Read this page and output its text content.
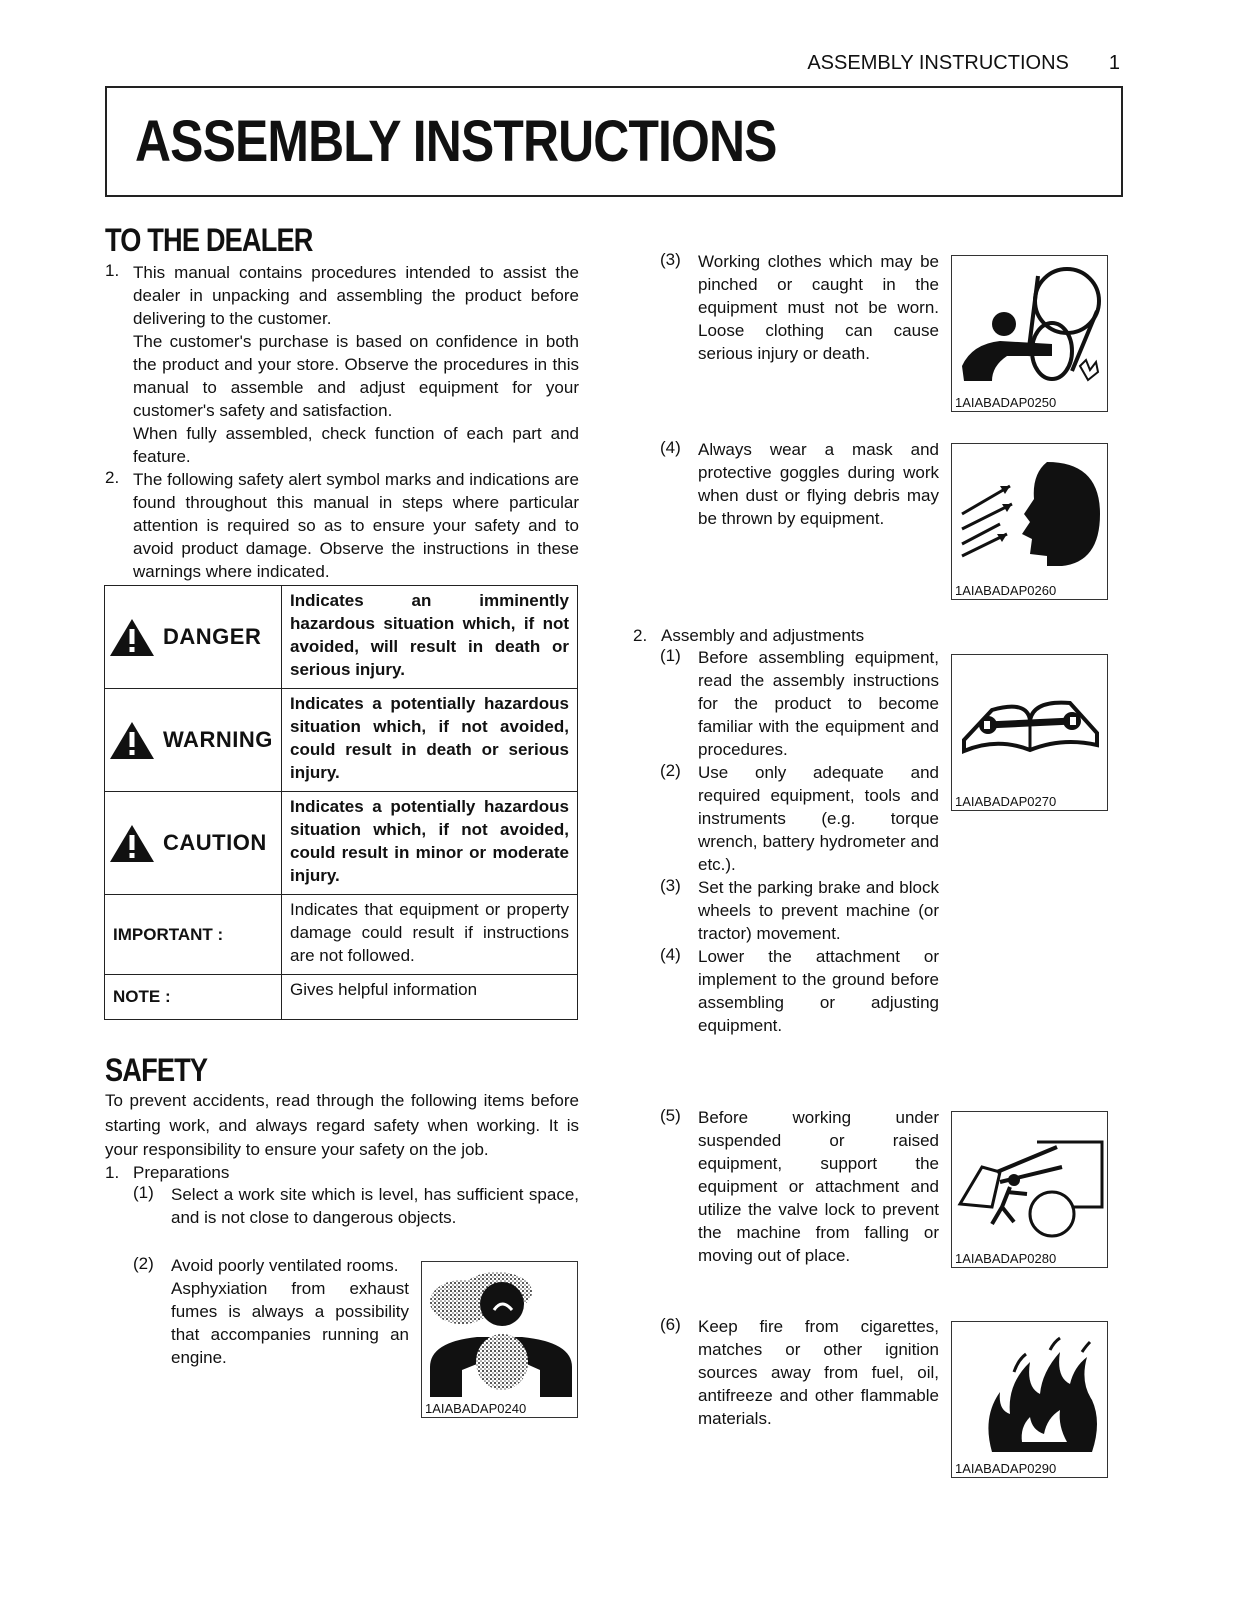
ASSEMBLY INSTRUCTIONS 1
ASSEMBLY INSTRUCTIONS
TO THE DEALER
1. This manual contains procedures intended to assist the dealer in unpacking and assembling the product before delivering to the customer.
The customer's purchase is based on confidence in both the product and your store. Observe the procedures in this manual to assemble and adjust equipment for your customer's safety and satisfaction.
When fully assembled, check function of each part and feature.
2. The following safety alert symbol marks and indications are found throughout this manual in steps where particular attention is required so as to ensure your safety and to avoid product damage. Observe the instructions in these warnings where indicated.
DANGER	Indicates an imminently hazardous situation which, if not avoided, will result in death or serious injury.

WARNING	Indicates a potentially hazardous situation which, if not avoided, could result in death or serious injury.

CAUTION	Indicates a potentially hazardous situation which, if not avoided, could result in minor or moderate injury.
IMPORTANT :	Indicates that equipment or property damage could result if instructions are not followed.
NOTE :	Gives helpful information
SAFETY
To prevent accidents, read through the following items before starting work, and always regard safety when working. It is your responsibility to ensure your safety on the job.
1. Preparations
(1)	Select a work site which is level, has sufficient space, and is not close to dangerous objects.
(2)	Avoid poorly ventilated rooms.
Asphyxiation from exhaust fumes is always a possibility that accompanies running an engine.
1AIABADAP0240
(3)	Working clothes which may be pinched or caught in the equipment must not be worn. Loose clothing can cause serious injury or death.
1AIABADAP0250
(4)	Always wear a mask and protective goggles during work when dust or flying debris may be thrown by equipment.
1AIABADAP0260
2. Assembly and adjustments
(1)	Before assembling equipment, read the assembly instructions for the product to become familiar with the equipment and procedures.
(2)	Use only adequate and required equipment, tools and instruments (e.g. torque wrench, battery hydrometer and etc.).
(3)	Set the parking brake and block wheels to prevent machine (or tractor) movement.
(4)	Lower the attachment or implement to the ground before assembling or adjusting equipment.
1AIABADAP0270
(5)	Before working under suspended or raised equipment, support the equipment or attachment and utilize the valve lock to prevent the machine from falling or moving out of place.	1AIABADAP0280
(6)	Keep fire from cigarettes, matches or other ignition sources away from fuel, oil, antifreeze and other flammable materials.
1AIABADAP0290
